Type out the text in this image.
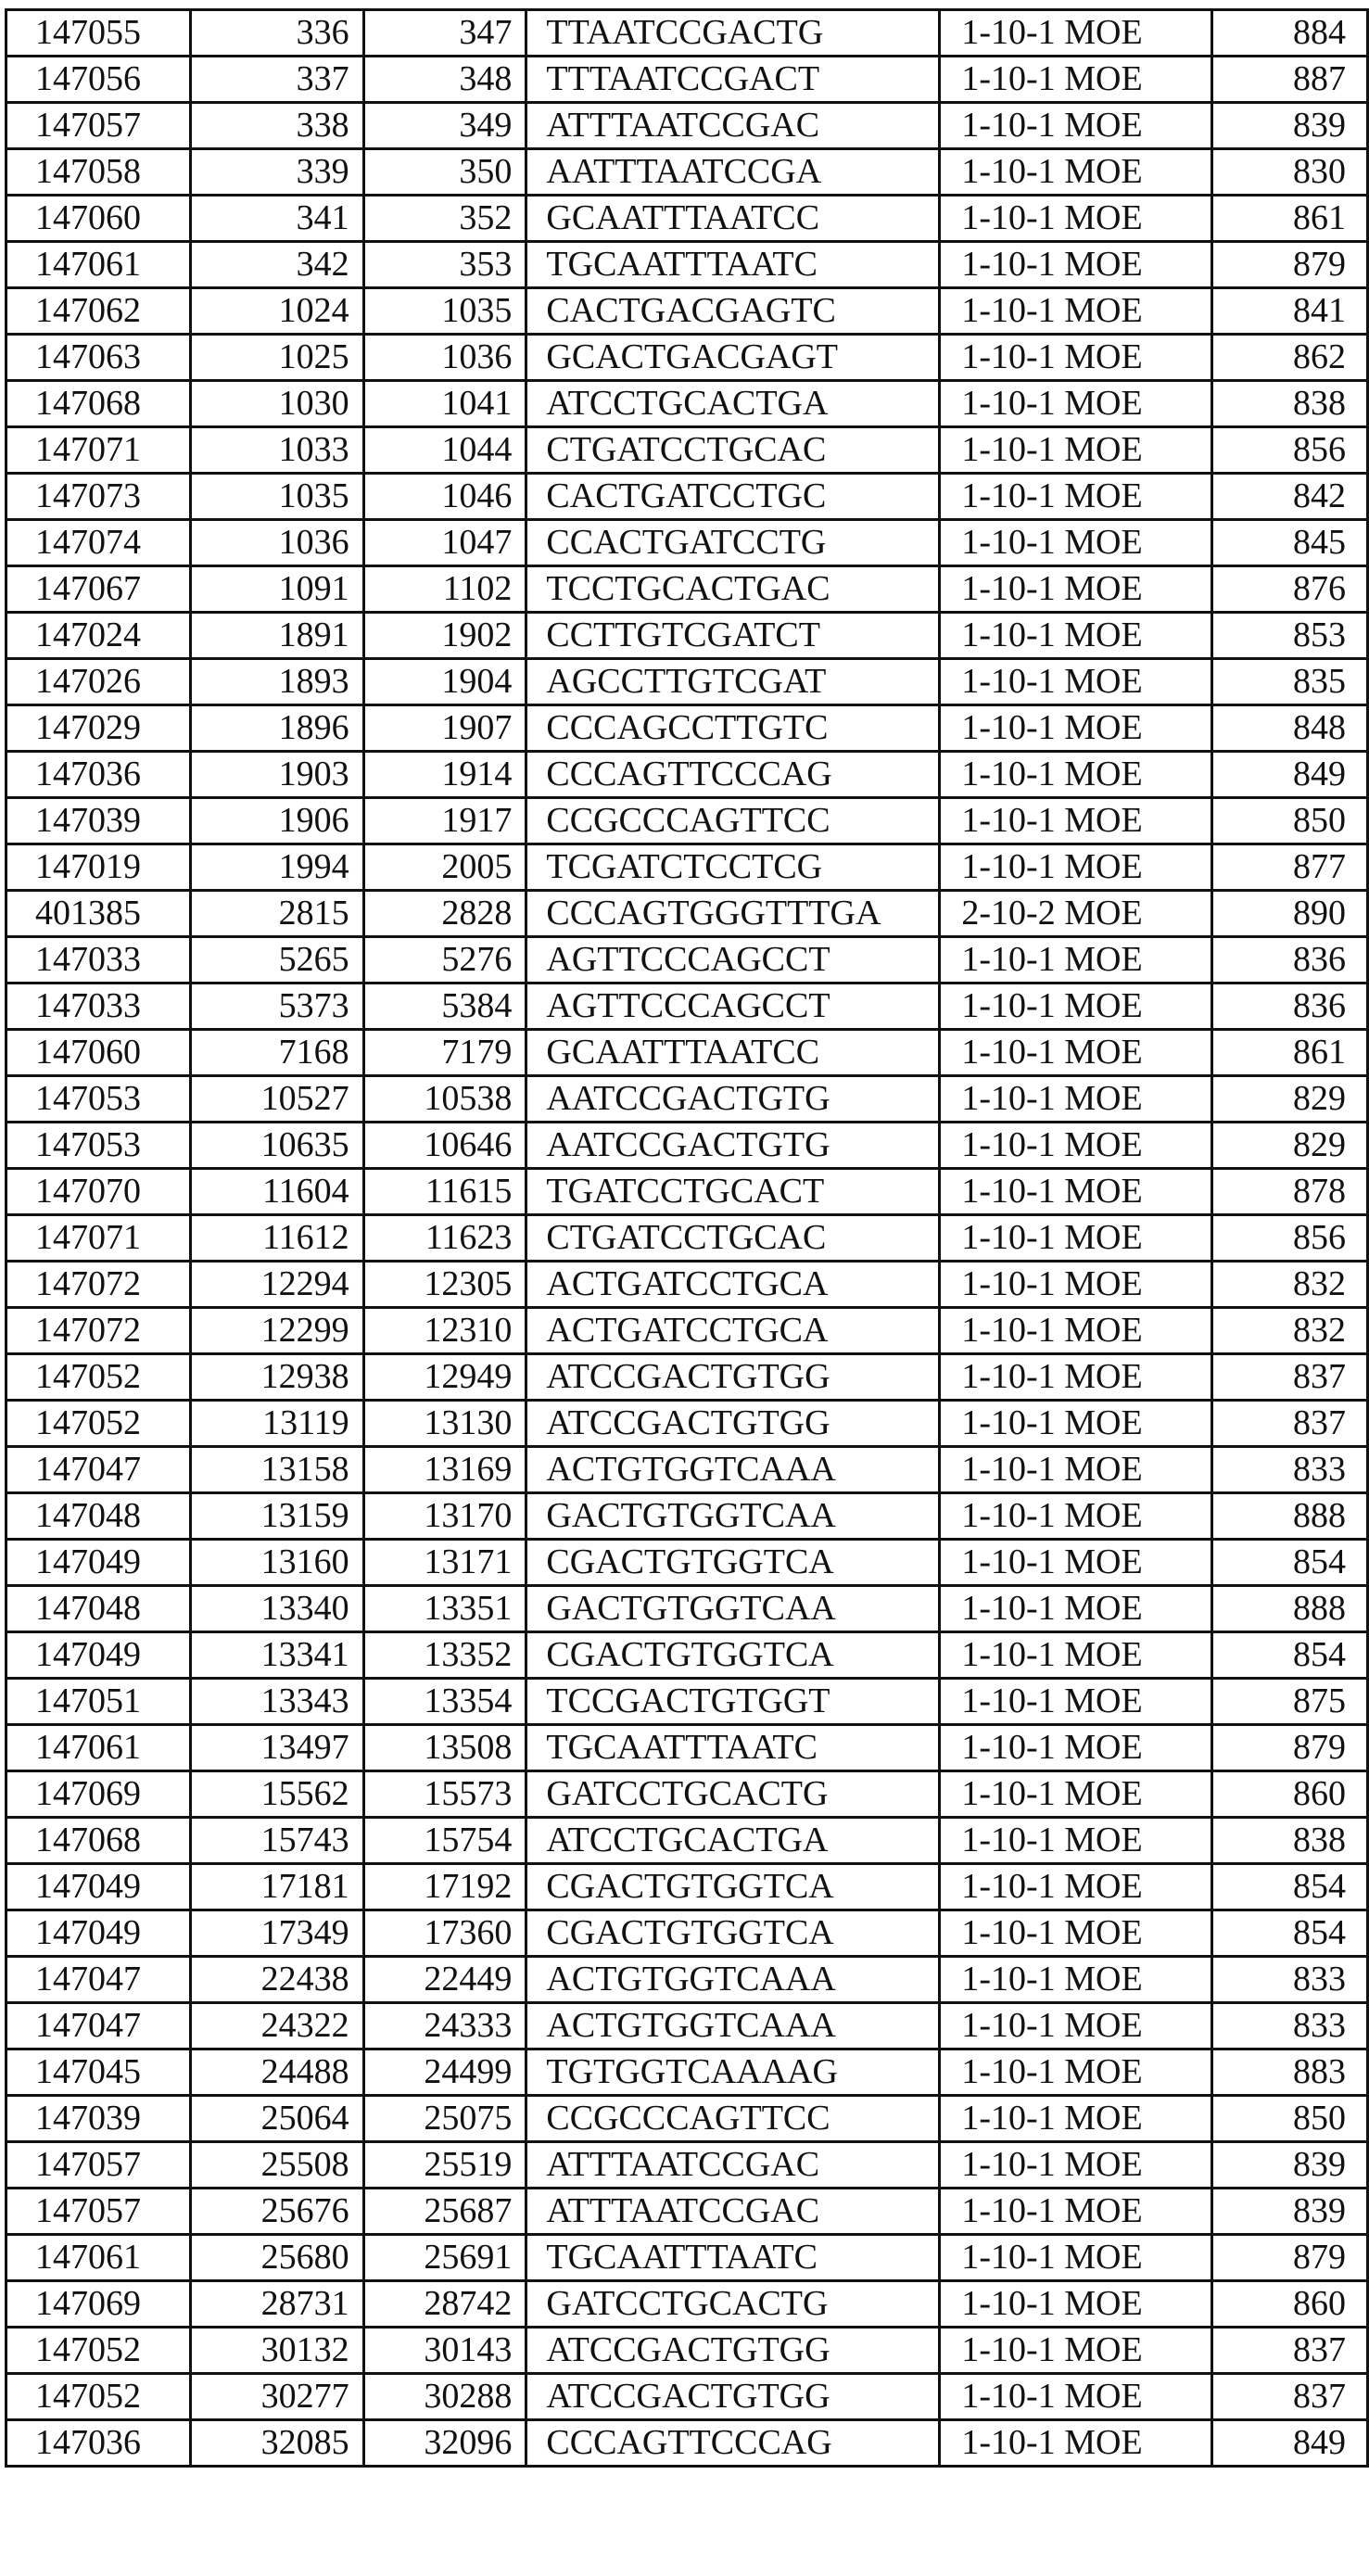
147055	336	347	TTAATCCGACTG	1-10-1 MOE	884
147056	337	348	TTTAATCCGACT	1-10-1 MOE	887
147057	338	349	ATTTAATCCGAC	1-10-1 MOE	839
147058	339	350	AATTTAATCCGA	1-10-1 MOE	830
147060	341	352	GCAATTTAATCC	1-10-1 MOE	861
147061	342	353	TGCAATTTAATC	1-10-1 MOE	879
147062	1024	1035	CACTGACGAGTC	1-10-1 MOE	841
147063	1025	1036	GCACTGACGAGT	1-10-1 MOE	862
147068	1030	1041	ATCCTGCACTGA	1-10-1 MOE	838
147071	1033	1044	CTGATCCTGCAC	1-10-1 MOE	856
147073	1035	1046	CACTGATCCTGC	1-10-1 MOE	842
147074	1036	1047	CCACTGATCCTG	1-10-1 MOE	845
147067	1091	1102	TCCTGCACTGAC	1-10-1 MOE	876
147024	1891	1902	CCTTGTCGATCT	1-10-1 MOE	853
147026	1893	1904	AGCCTTGTCGAT	1-10-1 MOE	835
147029	1896	1907	CCCAGCCTTGTC	1-10-1 MOE	848
147036	1903	1914	CCCAGTTCCCAG	1-10-1 MOE	849
147039	1906	1917	CCGCCCAGTTCC	1-10-1 MOE	850
147019	1994	2005	TCGATCTCCTCG	1-10-1 MOE	877
401385	2815	2828	CCCAGTGGGTTTGA	2-10-2 MOE	890
147033	5265	5276	AGTTCCCAGCCT	1-10-1 MOE	836
147033	5373	5384	AGTTCCCAGCCT	1-10-1 MOE	836
147060	7168	7179	GCAATTTAATCC	1-10-1 MOE	861
147053	10527	10538	AATCCGACTGTG	1-10-1 MOE	829
147053	10635	10646	AATCCGACTGTG	1-10-1 MOE	829
147070	11604	11615	TGATCCTGCACT	1-10-1 MOE	878
147071	11612	11623	CTGATCCTGCAC	1-10-1 MOE	856
147072	12294	12305	ACTGATCCTGCA	1-10-1 MOE	832
147072	12299	12310	ACTGATCCTGCA	1-10-1 MOE	832
147052	12938	12949	ATCCGACTGTGG	1-10-1 MOE	837
147052	13119	13130	ATCCGACTGTGG	1-10-1 MOE	837
147047	13158	13169	ACTGTGGTCAAA	1-10-1 MOE	833
147048	13159	13170	GACTGTGGTCAA	1-10-1 MOE	888
147049	13160	13171	CGACTGTGGTCA	1-10-1 MOE	854
147048	13340	13351	GACTGTGGTCAA	1-10-1 MOE	888
147049	13341	13352	CGACTGTGGTCA	1-10-1 MOE	854
147051	13343	13354	TCCGACTGTGGT	1-10-1 MOE	875
147061	13497	13508	TGCAATTTAATC	1-10-1 MOE	879
147069	15562	15573	GATCCTGCACTG	1-10-1 MOE	860
147068	15743	15754	ATCCTGCACTGA	1-10-1 MOE	838
147049	17181	17192	CGACTGTGGTCA	1-10-1 MOE	854
147049	17349	17360	CGACTGTGGTCA	1-10-1 MOE	854
147047	22438	22449	ACTGTGGTCAAA	1-10-1 MOE	833
147047	24322	24333	ACTGTGGTCAAA	1-10-1 MOE	833
147045	24488	24499	TGTGGTCAAAAG	1-10-1 MOE	883
147039	25064	25075	CCGCCCAGTTCC	1-10-1 MOE	850
147057	25508	25519	ATTTAATCCGAC	1-10-1 MOE	839
147057	25676	25687	ATTTAATCCGAC	1-10-1 MOE	839
147061	25680	25691	TGCAATTTAATC	1-10-1 MOE	879
147069	28731	28742	GATCCTGCACTG	1-10-1 MOE	860
147052	30132	30143	ATCCGACTGTGG	1-10-1 MOE	837
147052	30277	30288	ATCCGACTGTGG	1-10-1 MOE	837
147036	32085	32096	CCCAGTTCCCAG	1-10-1 MOE	849
